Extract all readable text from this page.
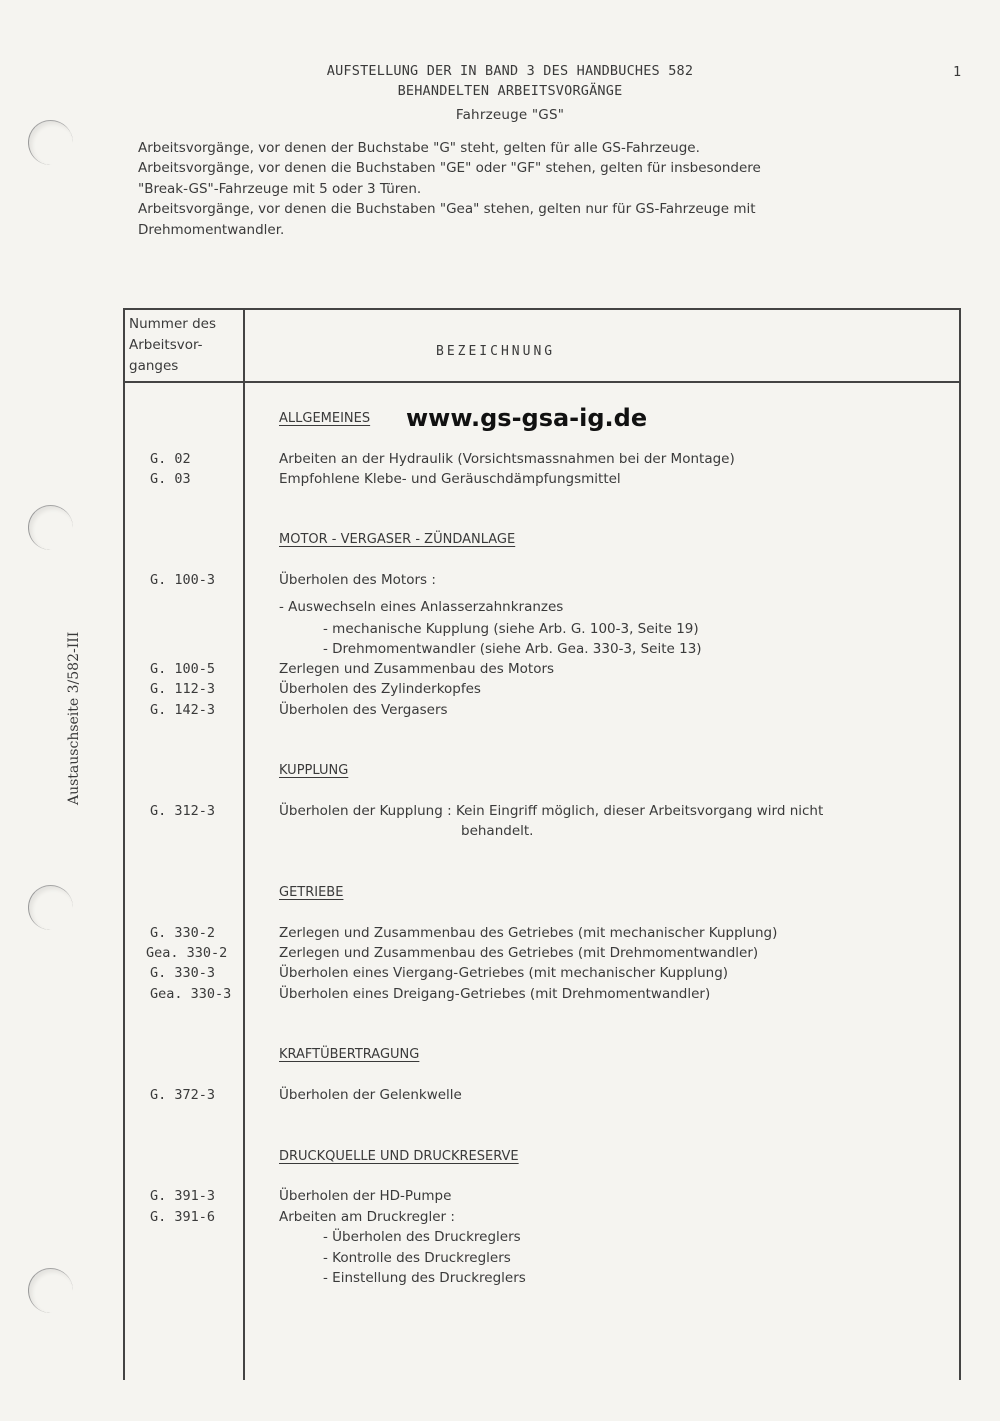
Austauschseite 3/582-III
1
AUFSTELLUNG DER IN BAND 3 DES HANDBUCHES 582
BEHANDELTEN ARBEITSVORGÄNGE
Fahrzeuge "GS"
Arbeitsvorgänge, vor denen der Buchstabe "G" steht, gelten für alle GS-Fahrzeuge.
Arbeitsvorgänge, vor denen die Buchstaben "GE" oder "GF" stehen, gelten für insbesondere
"Break-GS"-Fahrzeuge mit 5 oder 3 Türen.
Arbeitsvorgänge, vor denen die Buchstaben "Gea" stehen, gelten nur für GS-Fahrzeuge mit
Drehmomentwandler.
Nummer des
Arbeitsvor-
ganges
BEZEICHNUNG
www.gs-gsa-ig.de
ALLGEMEINES
G. 02	Arbeiten an der Hydraulik (Vorsichtsmassnahmen bei der Montage)
G. 03	Empfohlene Klebe- und Geräuschdämpfungsmittel
MOTOR - VERGASER - ZÜNDANLAGE
G. 100-3	Überholen des Motors :
- Auswechseln eines Anlasserzahnkranzes
- mechanische Kupplung (siehe Arb. G. 100-3, Seite 19)
- Drehmomentwandler (siehe Arb. Gea. 330-3, Seite 13)
G. 100-5	Zerlegen und Zusammenbau des Motors
G. 112-3	Überholen des Zylinderkopfes
G. 142-3	Überholen des Vergasers
KUPPLUNG
G. 312-3	Überholen der Kupplung : Kein Eingriff möglich, dieser Arbeitsvorgang wird nicht
behandelt.
GETRIEBE
G. 330-2	Zerlegen und Zusammenbau des Getriebes (mit mechanischer Kupplung)
Gea. 330-2	Zerlegen und Zusammenbau des Getriebes (mit Drehmomentwandler)
G. 330-3	Überholen eines Viergang-Getriebes (mit mechanischer Kupplung)
Gea. 330-3	Überholen eines Dreigang-Getriebes (mit Drehmomentwandler)
KRAFTÜBERTRAGUNG
G. 372-3	Überholen der Gelenkwelle
DRUCKQUELLE UND DRUCKRESERVE
G. 391-3	Überholen der HD-Pumpe
G. 391-6	Arbeiten am Druckregler :
- Überholen des Druckreglers
- Kontrolle des Druckreglers
- Einstellung des Druckreglers
